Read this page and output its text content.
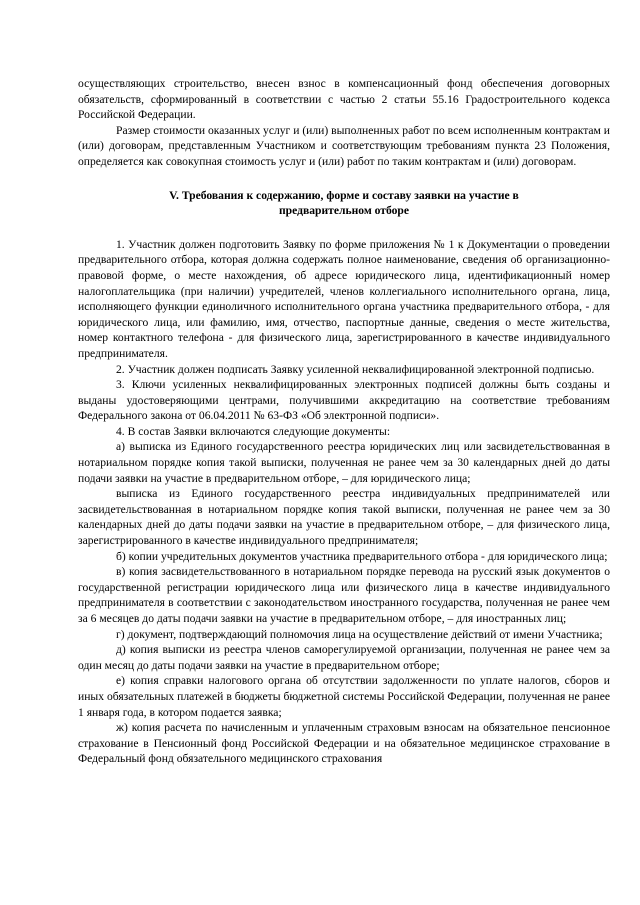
осуществляющих строительство, внесен взнос в компенсационный фонд обеспечения договорных обязательств, сформированный в соответствии с частью 2 статьи 55.16 Градостроительного кодекса Российской Федерации.

Размер стоимости оказанных услуг и (или) выполненных работ по всем исполненным контрактам и (или) договорам, представленным Участником и соответствующим требованиям пункта 23 Положения, определяется как совокупная стоимость услуг и (или) работ по таким контрактам и (или) договорам.

V. Требования к содержанию, форме и составу заявки на участие в
предварительном отборе

1. Участник должен подготовить Заявку по форме приложения № 1 к Документации о проведении предварительного отбора, которая должна содержать полное наименование, сведения об организационно-правовой форме, о месте нахождения, об адресе юридического лица, идентификационный номер налогоплательщика (при наличии) учредителей, членов коллегиального исполнительного органа, лица, исполняющего функции единоличного исполнительного органа участника предварительного отбора, - для юридического лица, или фамилию, имя, отчество, паспортные данные, сведения о месте жительства, номер контактного телефона - для физического лица, зарегистрированного в качестве индивидуального предпринимателя.

2. Участник должен подписать Заявку усиленной неквалифицированной электронной подписью.

3. Ключи усиленных неквалифицированных электронных подписей должны быть созданы и выданы удостоверяющими центрами, получившими аккредитацию на соответствие требованиям Федерального закона от 06.04.2011 № 63-ФЗ «Об электронной подписи».

4. В состав Заявки включаются следующие документы:

а) выписка из Единого государственного реестра юридических лиц или засвидетельствованная в нотариальном порядке копия такой выписки, полученная не ранее чем за 30 календарных дней до даты подачи заявки на участие в предварительном отборе, – для юридического лица;

выписка из Единого государственного реестра индивидуальных предпринимателей или засвидетельствованная в нотариальном порядке копия такой выписки, полученная не ранее чем за 30 календарных дней до даты подачи заявки на участие в предварительном отборе, – для физического лица, зарегистрированного в качестве индивидуального предпринимателя;

б) копии учредительных документов участника предварительного отбора - для юридического лица;

в) копия засвидетельствованного в нотариальном порядке перевода на русский язык документов о государственной регистрации юридического лица или физического лица в качестве индивидуального предпринимателя в соответствии с законодательством иностранного государства, полученная не ранее чем за 6 месяцев до даты подачи заявки на участие в предварительном отборе, – для иностранных лиц;

г) документ, подтверждающий полномочия лица на осуществление действий от имени Участника;

д) копия выписки из реестра членов саморегулируемой организации, полученная не ранее чем за один месяц до даты подачи заявки на участие в предварительном отборе;

е) копия справки налогового органа об отсутствии задолженности по уплате налогов, сборов и иных обязательных платежей в бюджеты бюджетной системы Российской Федерации, полученная не ранее 1 января года, в котором подается заявка;

ж) копия расчета по начисленным и уплаченным страховым взносам на обязательное пенсионное страхование в Пенсионный фонд Российской Федерации и на обязательное медицинское страхование в Федеральный фонд обязательного медицинского страхования
